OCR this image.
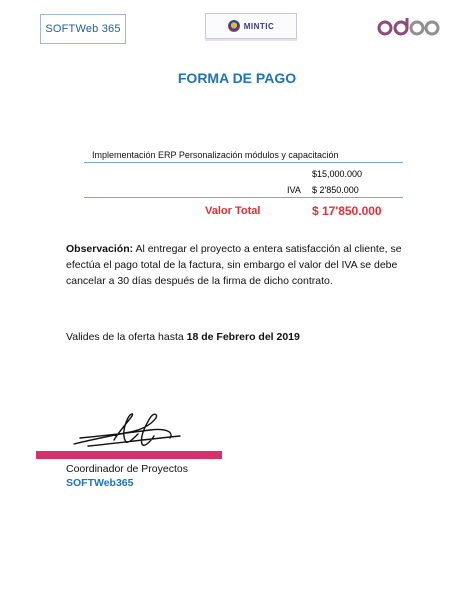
SOFTWeb 365	MINTIC
FORMA DE PAGO
Implementación ERP Personalización módulos y capacitación
$15,000.000
IVA $ 2'850.000
Valor Total	$ 17'850.000
Observación: Al entregar el proyecto a entera satisfacción al cliente, se efectúa el pago total de la factura, sin embargo el valor del IVA se debe cancelar a 30 días después de la firma de dicho contrato.
Valides de la oferta hasta 18 de Febrero del 2019
Coordinador de Proyectos
SOFTWeb365
